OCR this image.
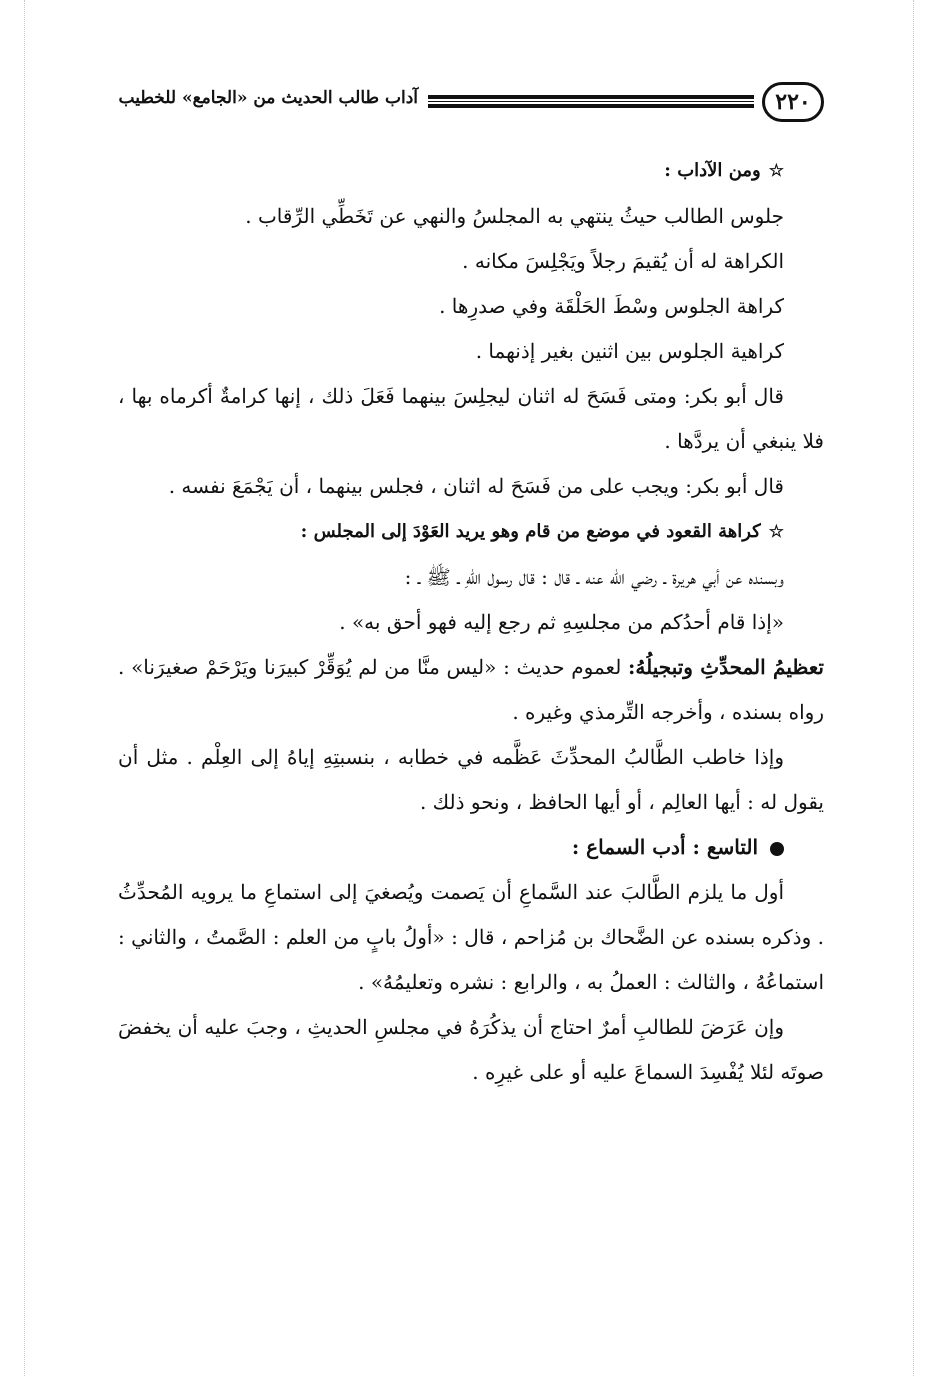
٢٢٠
آداب طالب الحديث من «الجامع» للخطيب

☆ومن الآداب :

جلوس الطالب حيثُ ينتهي به المجلسُ والنهي عن تَخَطِّي الرِّقاب .

الكراهة له أن يُقيمَ رجلاً ويَجْلِسَ مكانه .

كراهة الجلوس وسْطَ الحَلْقَة وفي صدرِها .

كراهية الجلوس بين اثنين بغير إذنهما .

قال أبو بكر: ومتى فَسَحَ له اثنان ليجلِسَ بينهما فَعَلَ ذلك ، إنها كرامةٌ أكرماه بها ، فلا ينبغي أن يردَّها .

قال أبو بكر: ويجب على من فَسَحَ له اثنان ، فجلس بينهما ، أن يَجْمَعَ نفسه .

☆كراهة القعود في موضع من قام وهو يريد العَوْدَ إلى المجلس :

وبسنده عن أبي هريرة ـ رضي الله عنه ـ قال : قال رسول اللهِ ـ ﷺ ـ :

«إذا قام أحدُكم من مجلسِهِ ثم رجع إليه فهو أحق به» .

تعظيمُ المحدِّثِ وتبجيلُهُ: لعموم حديث : «ليس منَّا من لم يُوَقِّرْ كبيرَنا ويَرْحَمْ صغيرَنا» . رواه بسنده ، وأخرجه التِّرمذي وغيره .

وإذا خاطب الطَّالبُ المحدِّثَ عَظَّمه في خطابه ، بنسبتِهِ إياهُ إلى العِلْم . مثل أن يقول له : أيها العالِم ، أو أيها الحافظ ، ونحو ذلك .

التاسع : أدب السماع :

أول ما يلزم الطَّالبَ عند السَّماعِ أن يَصمت ويُصغيَ إلى استماعِ ما يرويه المُحدِّثُ . وذكره بسنده عن الضَّحاك بن مُزاحم ، قال : «أولُ بابٍ من العلم : الصَّمتُ ، والثاني : استماعُهُ ، والثالث : العملُ به ، والرابع : نشره وتعليمُهُ» .

وإن عَرَضَ للطالبِ أمرٌ احتاج أن يذكُرَهُ في مجلسِ الحديثِ ، وجبَ عليه أن يخفضَ صوتَه لئلا يُفْسِدَ السماعَ عليه أو على غيرِه .
